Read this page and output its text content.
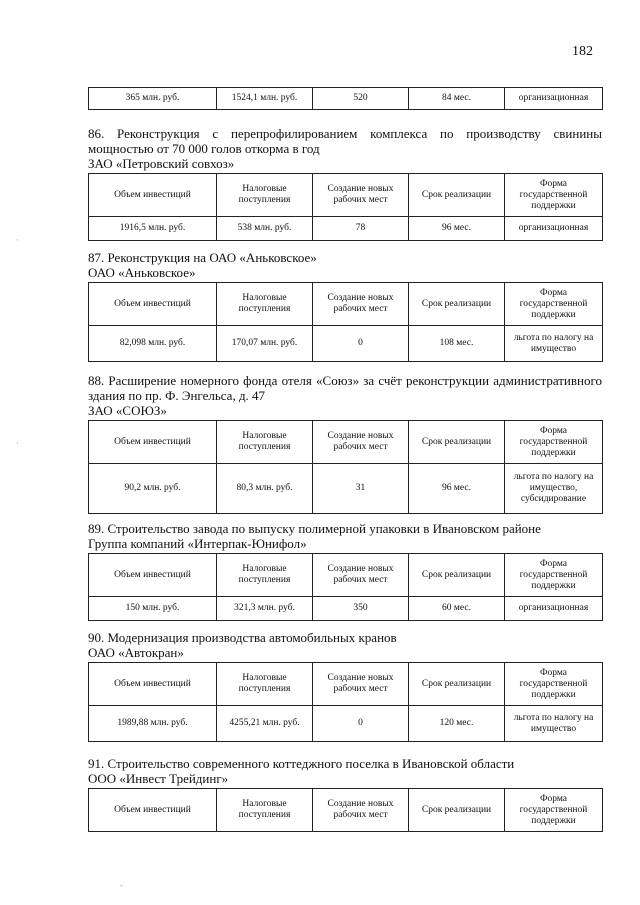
182
365 млн. руб.	1524,1 млн. руб.	520	84 мес.	организационная

86. Реконструкция с перепрофилированием комплекса по производству свинины мощностью от 70 000 голов откорма в год

ЗАО «Петровский совхоз»

Объем инвестиций	Налоговые поступления	Создание новых рабочих мест	Срок реализации	Форма государственной поддержки
1916,5 млн. руб.	538 млн. руб.	78	96 мес.	организационная

87. Реконструкция на ОАО «Аньковское»

ОАО «Аньковское»

Объем инвестиций	Налоговые поступления	Создание новых рабочих мест	Срок реализации	Форма государственной поддержки
82,098 млн. руб.	170,07 млн. руб.	0	108 мес.	льгота по налогу на имущество

88. Расширение номерного фонда отеля «Союз» за счёт реконструкции административного здания по пр. Ф. Энгельса, д. 47

ЗАО «СОЮЗ»

Объем инвестиций	Налоговые поступления	Создание новых рабочих мест	Срок реализации	Форма государственной поддержки
90,2 млн. руб.	80,3 млн. руб.	31	96 мес.	льгота по налогу на имущество, субсидирование

89. Строительство завода по выпуску полимерной упаковки в Ивановском районе

Группа компаний «Интерпак-Юнифол»

Объем инвестиций	Налоговые поступления	Создание новых рабочих мест	Срок реализации	Форма государственной поддержки
150 млн. руб.	321,3 млн. руб.	350	60 мес.	организационная

90. Модернизация производства автомобильных кранов

ОАО «Автокран»

Объем инвестиций	Налоговые поступления	Создание новых рабочих мест	Срок реализации	Форма государственной поддержки
1989,88 млн. руб.	4255,21 млн. руб.	0	120 мес.	льгота по налогу на имущество

91. Строительство современного коттеджного поселка в Ивановской области

ООО «Инвест Трейдинг»

Объем инвестиций	Налоговые поступления	Создание новых рабочих мест	Срок реализации	Форма государственной поддержки
·
·
-
